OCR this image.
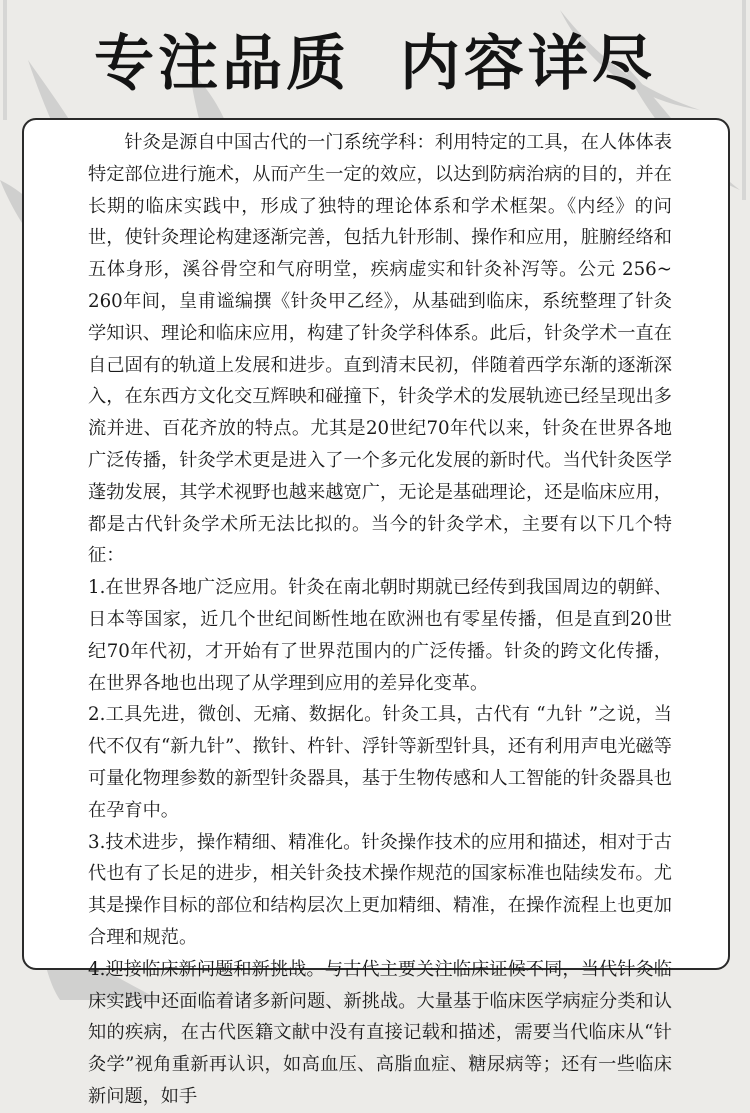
专注品质  内容详尽

针灸是源自中国古代的一门系统学科：利用特定的工具，在人体体表特定部位进行施术，从而产生一定的效应，以达到防病治病的目的，并在长期的临床实践中，形成了独特的理论体系和学术框架。《内经》的问世，使针灸理论构建逐渐完善，包括九针形制、操作和应用，脏腑经络和五体身形，溪谷骨空和气府明堂，疾病虚实和针灸补泻等。公元 256~ 260年间，皇甫谧编撰《针灸甲乙经》，从基础到临床，系统整理了针灸学知识、理论和临床应用，构建了针灸学科体系。此后，针灸学术一直在自己固有的轨道上发展和进步。直到清末民初，伴随着西学东渐的逐渐深入，在东西方文化交互辉映和碰撞下，针灸学术的发展轨迹已经呈现出多流并进、百花齐放的特点。尤其是20世纪70年代以来，针灸在世界各地广泛传播，针灸学术更是进入了一个多元化发展的新时代。当代针灸医学蓬勃发展，其学术视野也越来越宽广，无论是基础理论，还是临床应用，都是古代针灸学术所无法比拟的。当今的针灸学术，主要有以下几个特征：

1.在世界各地广泛应用。针灸在南北朝时期就已经传到我国周边的朝鲜、日本等国家，近几个世纪间断性地在欧洲也有零星传播，但是直到20世纪70年代初，才开始有了世界范围内的广泛传播。针灸的跨文化传播，在世界各地也出现了从学理到应用的差异化变革。

2.工具先进，微创、无痛、数据化。针灸工具，古代有 “九针 ”之说，当代不仅有“新九针”、揿针、杵针、浮针等新型针具，还有利用声电光磁等可量化物理参数的新型针灸器具，基于生物传感和人工智能的针灸器具也在孕育中。

3.技术进步，操作精细、精准化。针灸操作技术的应用和描述，相对于古代也有了长足的进步，相关针灸技术操作规范的国家标准也陆续发布。尤其是操作目标的部位和结构层次上更加精细、精准，在操作流程上也更加合理和规范。

4.迎接临床新问题和新挑战。与古代主要关注临床证候不同，当代针灸临床实践中还面临着诸多新问题、新挑战。大量基于临床医学病症分类和认知的疾病，在古代医籍文献中没有直接记载和描述，需要当代临床从“针灸学”视角重新再认识，如高血压、高脂血症、糖尿病等；还有一些临床新问题，如手
